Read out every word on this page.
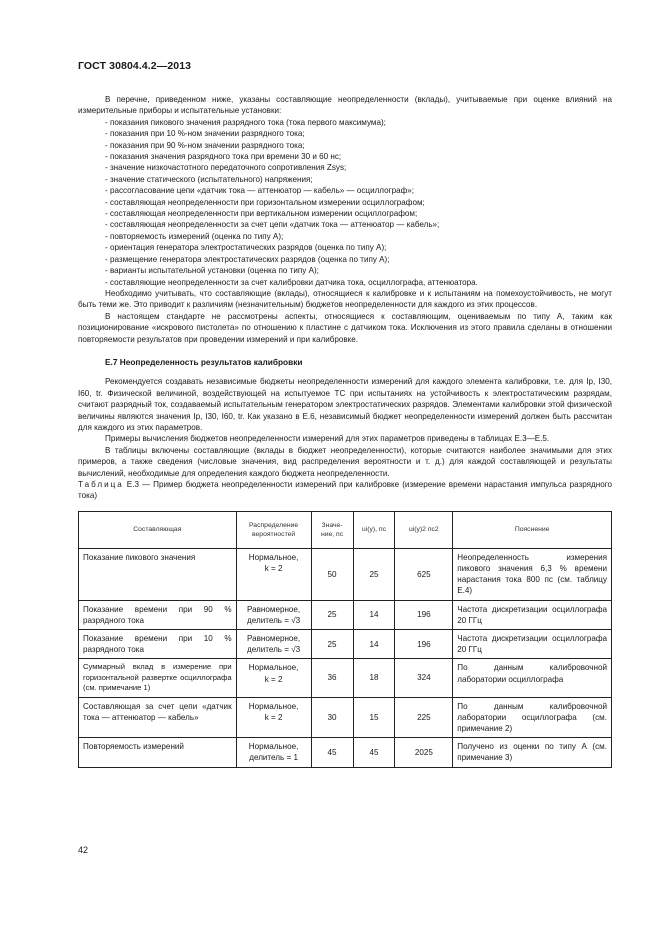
ГОСТ 30804.4.2—2013

В перечне, приведенном ниже, указаны составляющие неопределенности (вклады), учитываемые при оценке влияний на измерительные приборы и испытательные установки:

- показания пикового значения разрядного тока (тока первого максимума);

- показания при 10 %-ном значении разрядного тока;

- показания при 90 %-ном значении разрядного тока;

- показания значения разрядного тока при времени 30 и 60 нс;

- значение низкочастотного передаточного сопротивления Zsys;

- значение статического (испытательного) напряжения;

- рассогласование цепи «датчик тока — аттенюатор — кабель» — осциллограф»;

- составляющая неопределенности при горизонтальном измерении осциллографом;

- составляющая неопределенности при вертикальном измерении осциллографом;

- составляющая неопределенности за счет цепи «датчик тока — аттенюатор — кабель»;

- повторяемость измерений (оценка по типу А);

- ориентация генератора электростатических разрядов (оценка по типу А);

- размещение генератора электростатических разрядов (оценка по типу А);

- варианты испытательной установки (оценка по типу А);

- составляющие неопределенности за счет калибровки датчика тока, осциллографа, аттенюатора.

Необходимо учитывать, что составляющие (вклады), относящиеся к калибровке и к испытаниям на помехоустойчивость, не могут быть теми же. Это приводит к различиям (незначительным) бюджетов неопределенности для каждого из этих процессов.

В настоящем стандарте не рассмотрены аспекты, относящиеся к составляющим, оцениваемым по типу А, таким как позиционирование «искрового пистолета» по отношению к пластине с датчиком тока. Исключения из этого правила сделаны в отношении повторяемости результатов при проведении измерений и при калибровке.

Е.7 Неопределенность результатов калибровки

Рекомендуется создавать независимые бюджеты неопределенности измерений для каждого элемента калибровки, т.е. для Ip, I30, I60, tr. Физической величиной, воздействующей на испытуемое ТС при испытаниях на устойчивость к электростатическим разрядам, считают разрядный ток, создаваемый испытательным генератором электростатических разрядов. Элементами калибровки этой физической величины являются значения Ip, I30, I60, tr. Как указано в Е.6, независимый бюджет неопределенности измерений должен быть рассчитан для каждого из этих параметров.

Примеры вычисления бюджетов неопределенности измерений для этих параметров приведены в таблицах Е.3—Е.5.

В таблицы включены составляющие (вклады в бюджет неопределенности), которые считаются наиболее значимыми для этих примеров, а также сведения (числовые значения, вид распределения вероятности и т. д.) для каждой составляющей и результаты вычислений, необходимые для определения каждого бюджета неопределенности.

Таблица Е.3 — Пример бюджета неопределенности измерений при калибровке (измерение времени нарастания импульса разрядного тока)

Составляющая	Распределение вероятностей	Значе-ние, пс	ui(y), пс	ui(y)2 пс2	Пояснение
Показание пикового значения	Нормальное,
k = 2	50	25	625	Неопределенность измерения пикового значения 6,3 % времени нарастания тока 800 пс (см. таблицу Е.4)
Показание времени при 90 % разрядного тока	Равномерное,
делитель = √3	25	14	196	Частота дискретизации осциллографа 20 ГГц
Показание времени при 10 % разрядного тока	Равномерное,
делитель = √3	25	14	196	Частота дискретизации осциллографа 20 ГГц
Суммарный вклад в измерение при горизонтальной развертке осциллографа (см. примечание 1)	Нормальное,
k = 2	36	18	324	По данным калибровочной лаборатории осциллографа
Составляющая за счет цепи «датчик тока — аттенюатор — кабель»	Нормальное,
k = 2	30	15	225	По данным калибровочной лаборатории осциллографа (см. примечание 2)
Повторяемость измерений	Нормальное,
делитель = 1	45	45	2025	Получено из оценки по типу А (см. примечание 3)
42
